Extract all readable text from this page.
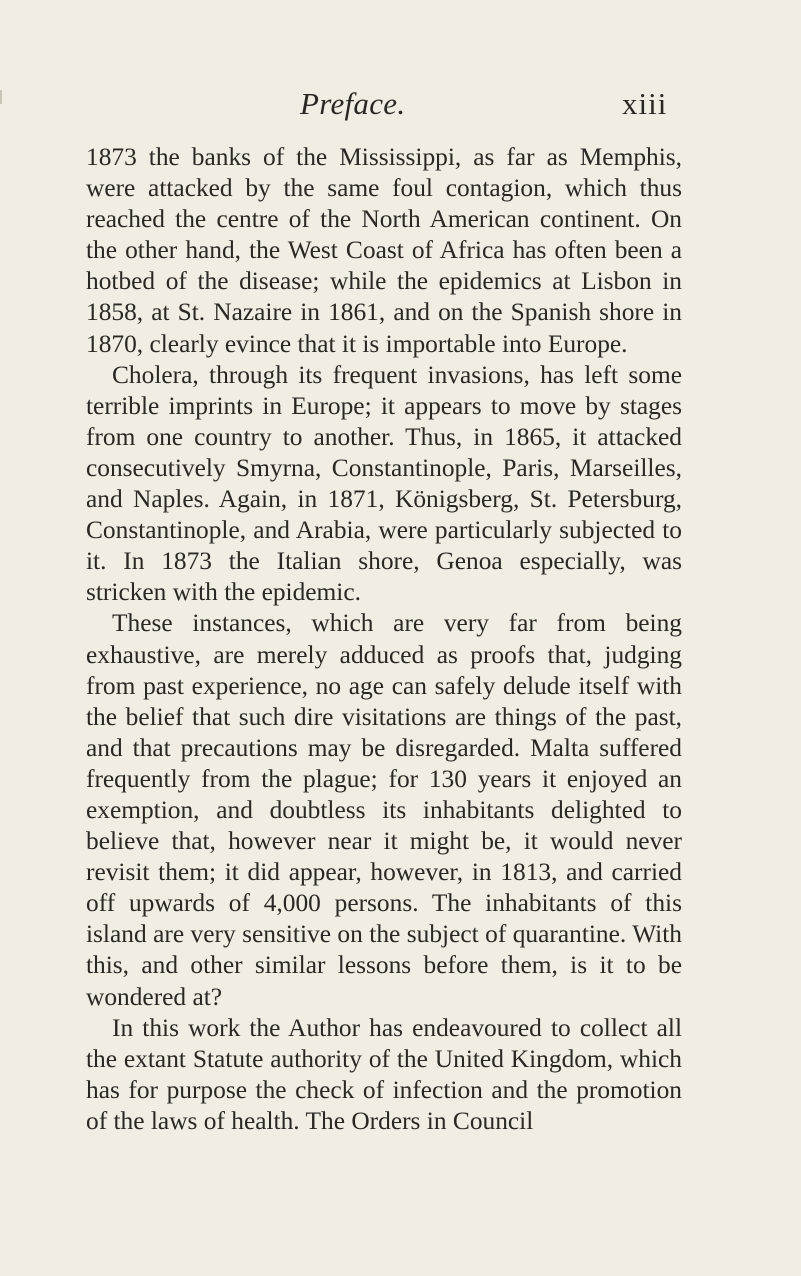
Preface.	xiii

1873 the banks of the Mississippi, as far as Memphis, were attacked by the same foul contagion, which thus reached the centre of the North American continent. On the other hand, the West Coast of Africa has often been a hotbed of the disease; while the epidemics at Lisbon in 1858, at St. Nazaire in 1861, and on the Spanish shore in 1870, clearly evince that it is importable into Europe.

Cholera, through its frequent invasions, has left some terrible imprints in Europe; it appears to move by stages from one country to another. Thus, in 1865, it attacked consecutively Smyrna, Constantinople, Paris, Marseilles, and Naples. Again, in 1871, Königsberg, St. Petersburg, Constantinople, and Arabia, were particularly subjected to it. In 1873 the Italian shore, Genoa especially, was stricken with the epidemic.

These instances, which are very far from being exhaustive, are merely adduced as proofs that, judging from past experience, no age can safely delude itself with the belief that such dire visitations are things of the past, and that precautions may be disregarded. Malta suffered frequently from the plague; for 130 years it enjoyed an exemption, and doubtless its inhabitants delighted to believe that, however near it might be, it would never revisit them; it did appear, however, in 1813, and carried off upwards of 4,000 persons. The inhabitants of this island are very sensitive on the subject of quarantine. With this, and other similar lessons before them, is it to be wondered at?

In this work the Author has endeavoured to collect all the extant Statute authority of the United Kingdom, which has for purpose the check of infection and the promotion of the laws of health. The Orders in Council
